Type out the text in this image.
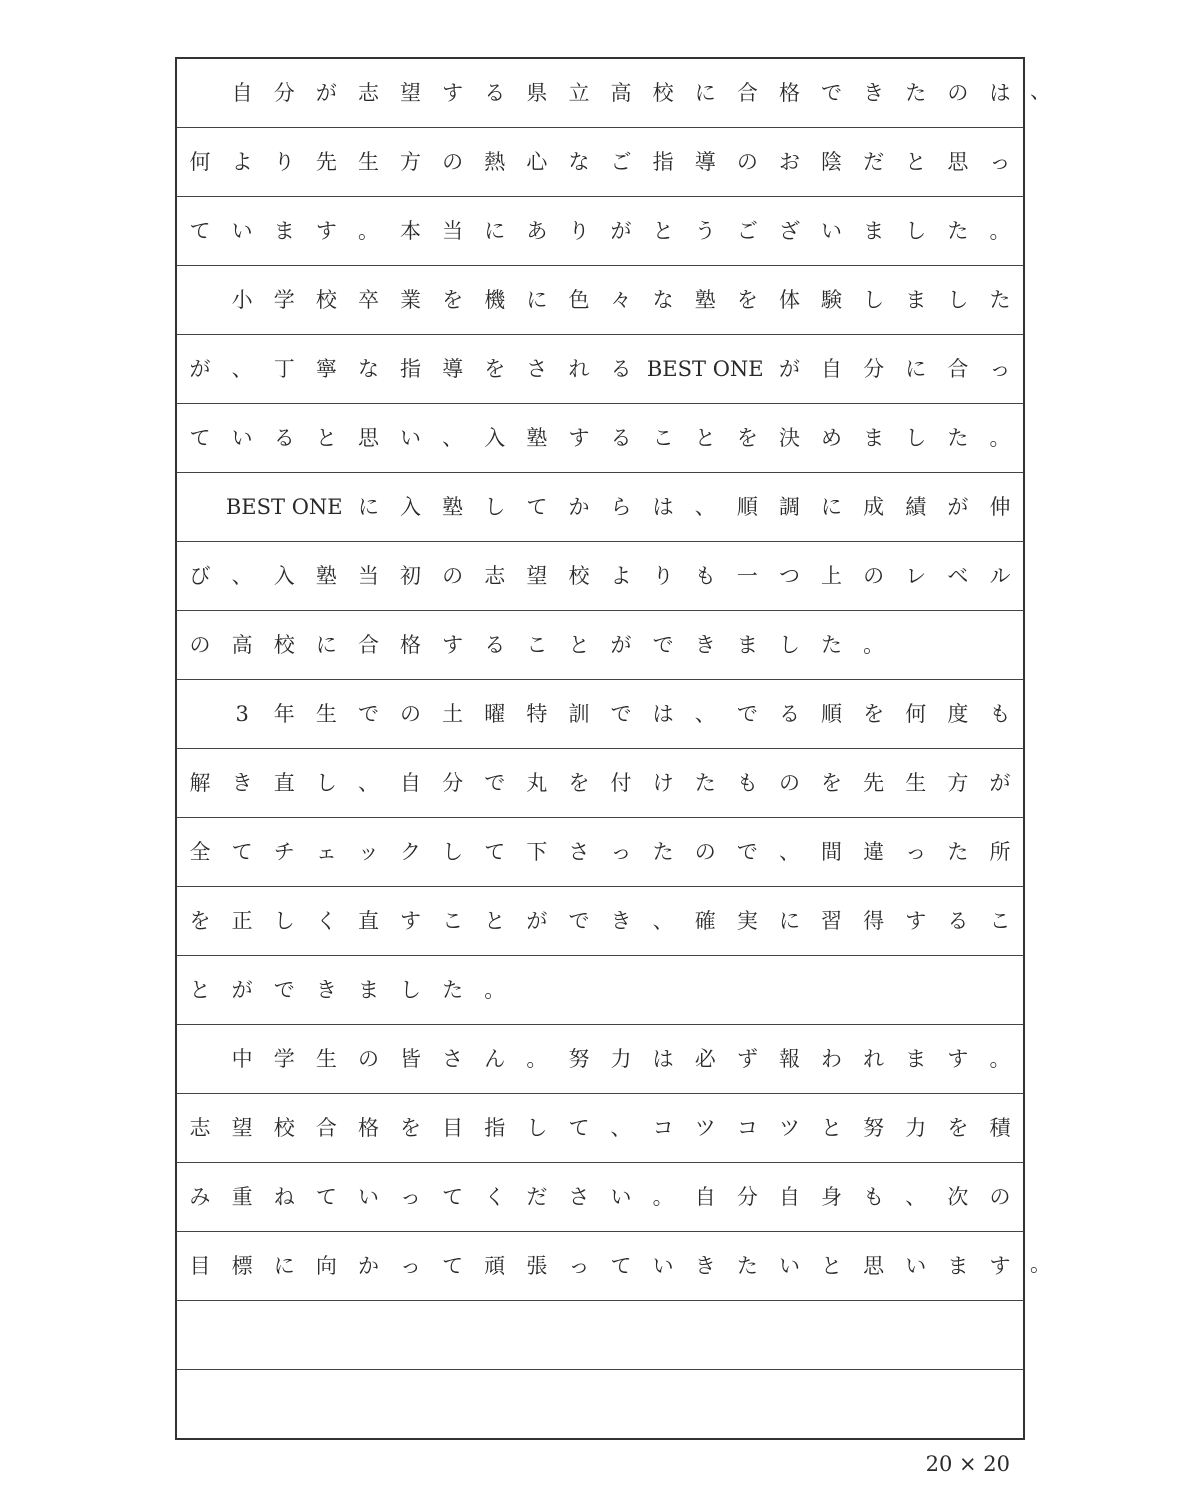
自	分	が	志	望	す	る	県	立	高	校	に	合	格	で	き	た	の	は
何	よ	り	先	生	方	の	熱	心	な	ご	指	導	の	お	陰	だ	と	思	っ
て	い	ま	す	。	本	当	に	あ	り	が	と	う	ご	ざ	い	ま	し	た	。
小	学	校	卒	業	を	機	に	色	々	な	塾	を	体	験	し	ま	し	た
が	、	丁	寧	な	指	導	を	さ	れ	る BEST ONE が	自	分	に	合	っ
て	い	る	と	思	い	、	入	塾	す	る	こ	と	を	決	め	ま	し	た	。
BEST ONE に	入	塾	し	て	か	ら	は	、	順	調	に	成	績	が	伸
び	、	入	塾	当	初	の	志	望	校	よ	り	も	一	つ	上	の	レ	ベ	ル
の	高	校	に	合	格	す	る	こ	と	が	で	き	ま	し	た	。
3	年	生	で	の	土	曜	特	訓	で	は	、	で	る	順	を	何	度	も
解	き	直	し	、	自	分	で	丸	を	付	け	た	も	の	を	先	生	方	が
全	て	チ	ェ	ッ	ク	し	て	下	さ	っ	た	の	で	、	間	違	っ	た	所
を	正	し	く	直	す	こ	と	が	で	き	、	確	実	に	習	得	す	る	こ
と	が	で	き	ま	し	た	。
中	学	生	の	皆	さ	ん	。	努	力	は	必	ず	報	わ	れ	ま	す	。
志	望	校	合	格	を	目	指	し	て	、	コ	ツ	コ	ツ	と	努	力	を	積
み	重	ね	て	い	っ	て	く	だ	さ	い	。	自	分	自	身	も	、	次	の
目	標	に	向	か	っ	て	頑	張	っ	て	い	き	た	い	と	思	い	ま	す
20 × 20
、
。
